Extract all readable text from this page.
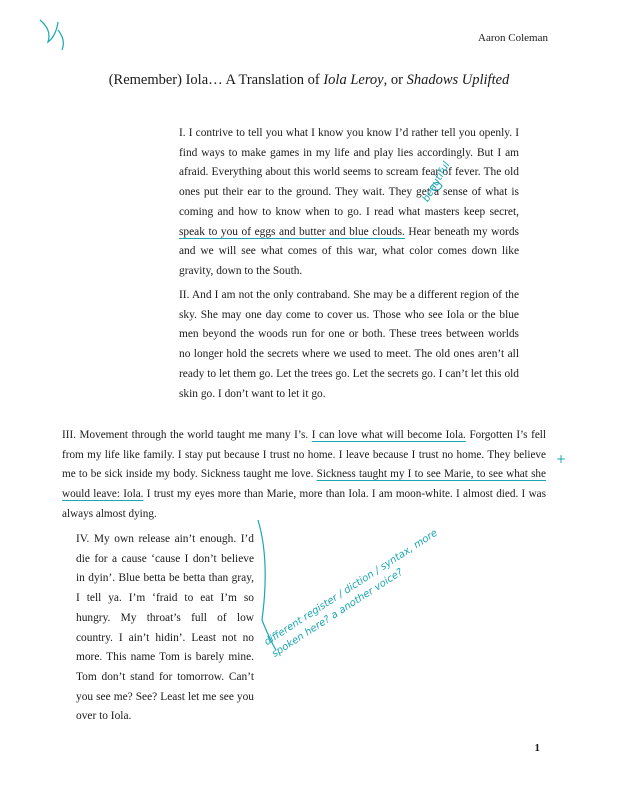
Aaron Coleman
(Remember) Iola… A Translation of Iola Leroy, or Shadows Uplifted
I. I contrive to tell you what I know you know I’d rather tell you openly. I find ways to make games in my life and play lies accordingly. But I am afraid. Everything about this world seems to scream fear of fever. The old ones put their ear to the ground. They wait. They get a sense of what is coming and how to know when to go. I read what masters keep secret, speak to you of eggs and butter and blue clouds. Hear beneath my words and we will see what comes of this war, what color comes down like gravity, down to the South.
II. And I am not the only contraband. She may be a different region of the sky. She may one day come to cover us. Those who see Iola or the blue men beyond the woods run for one or both. These trees between worlds no longer hold the secrets where we used to meet. The old ones aren’t all ready to let them go. Let the trees go. Let the secrets go. I can’t let this old skin go. I don’t want to let it go.
III. Movement through the world taught me many I’s. I can love what will become Iola. Forgotten I’s fell from my life like family. I stay put because I trust no home. I leave because I trust no home. They believe me to be sick inside my body. Sickness taught me love. Sickness taught my I to see Marie, to see what she would leave: Iola. I trust my eyes more than Marie, more than Iola. I am moon-white. I almost died. I was always almost dying.
IV. My own release ain’t enough. I’d die for a cause ‘cause I don’t believe in dyin’. Blue betta be betta than gray, I tell ya. I’m ‘fraid to eat I’m so hungry. My throat’s full of low country. I ain’t hidin’. Least not no more. This name Tom is barely mine. Tom don’t stand for tomorrow. Can’t you see me? See? Least let me see you over to Iola.
beautiful
different register / diction / syntax, more spoken here? a another voice?
+
1
